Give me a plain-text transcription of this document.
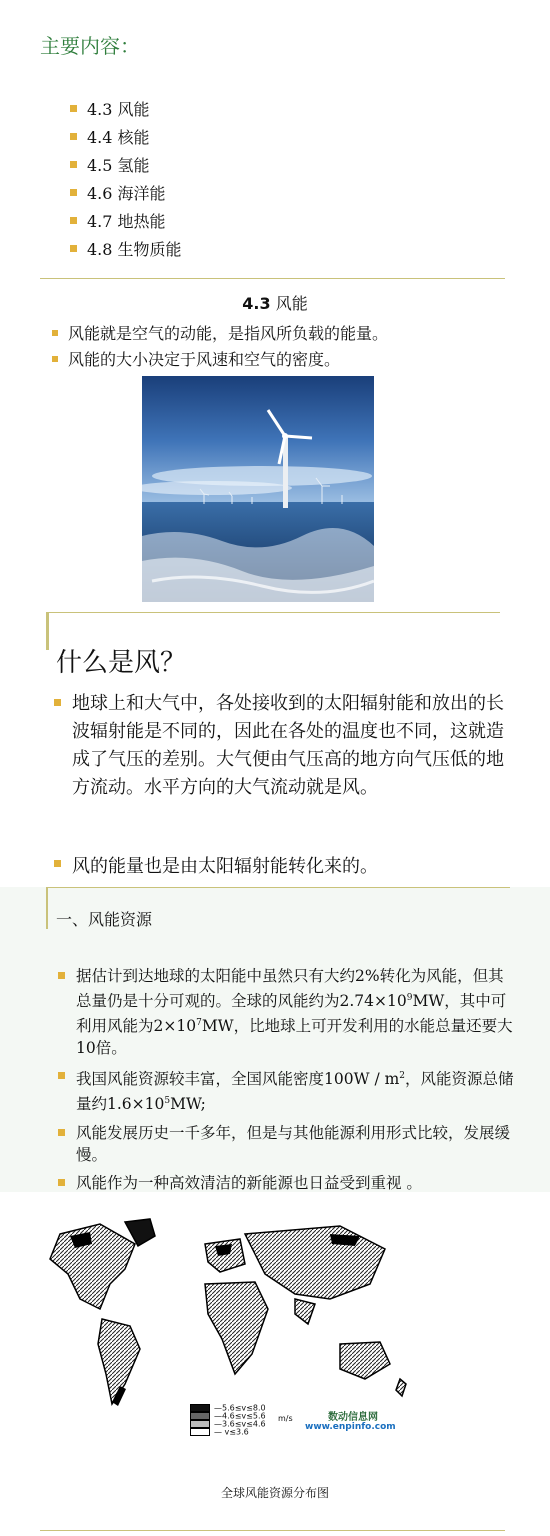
主要内容：
4.3 风能
4.4 核能
4.5 氢能
4.6 海洋能
4.7 地热能
4.8 生物质能
4.3 风能
风能就是空气的动能，是指风所负载的能量。
风能的大小决定于风速和空气的密度。
什么是风？
地球上和大气中，各处接收到的太阳辐射能和放出的长波辐射能是不同的，因此在各处的温度也不同，这就造成了气压的差别。大气便由气压高的地方向气压低的地方流动。水平方向的大气流动就是风。
风的能量也是由太阳辐射能转化来的。
一、风能资源
据估计到达地球的太阳能中虽然只有大约2%转化为风能，但其总量仍是十分可观的。全球的风能约为$2.74\times 10^9MW$，其中可利用风能为$2\times 10^7MW$，比地球上可开发利用的水能总量还要大10倍。
我国风能资源较丰富，全国风能密度$100W / m^2$，风能资源总储量约$1.6\times 10^5MW$;
风能发展历史一千多年，但是与其他能源利用形式比较，发展缓慢。
风能作为一种高效清洁的新能源也日益受到重视 。
—5.6≤v≤8.0
—4.6≤v≤5.6
—3.6≤v≤4.6
— v≤3.6
m/s	数动信息网
www.enpinfo.com
全球风能资源分布图
